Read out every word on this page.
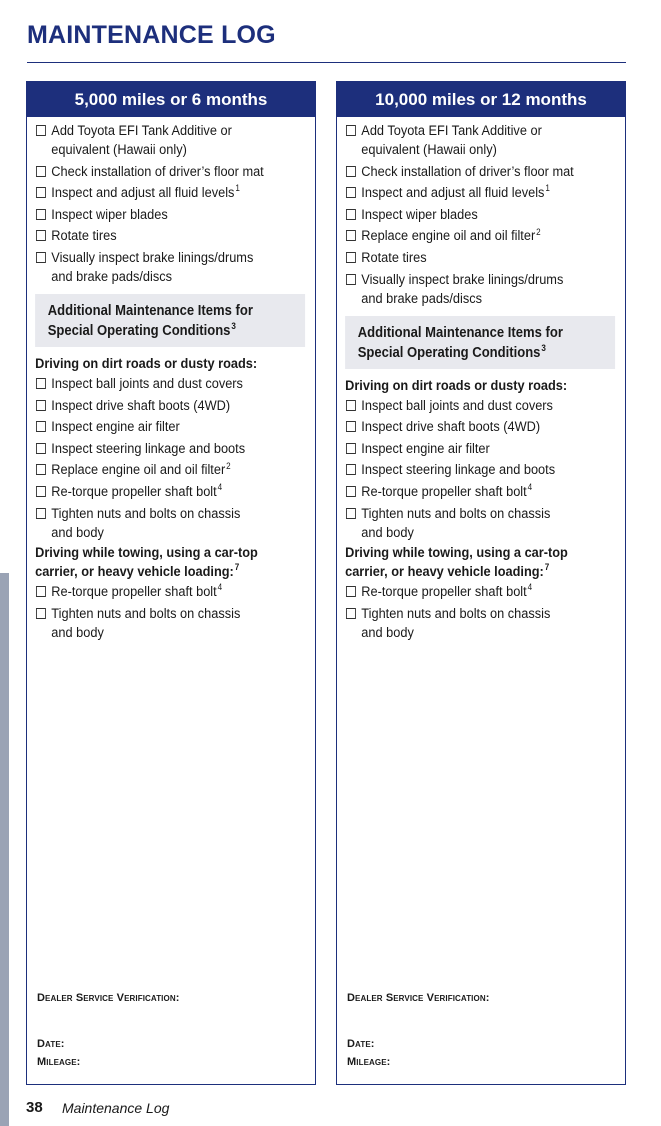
MAINTENANCE LOG
5,000 miles or 6 months
Add Toyota EFI Tank Additive or
equivalent (Hawaii only)
Check installation of driver’s floor mat
Inspect and adjust all fluid levels$^1$
Inspect wiper blades
Rotate tires
Visually inspect brake linings/drums
and brake pads/discs
Additional Maintenance Items for
Special Operating Conditions$^3$
Driving on dirt roads or dusty roads:
Inspect ball joints and dust covers
Inspect drive shaft boots (4WD)
Inspect engine air filter
Inspect steering linkage and boots
Replace engine oil and oil filter$^2$
Re-torque propeller shaft bolt$^4$
Tighten nuts and bolts on chassis
and body
Driving while towing, using a car-top
carrier, or heavy vehicle loading:$^7$
Re-torque propeller shaft bolt$^4$
Tighten nuts and bolts on chassis
and body
Dealer Service Verification:
Date:
Mileage:
10,000 miles or 12 months
Add Toyota EFI Tank Additive or
equivalent (Hawaii only)
Check installation of driver’s floor mat
Inspect and adjust all fluid levels$^1$
Inspect wiper blades
Replace engine oil and oil filter$^2$
Rotate tires
Visually inspect brake linings/drums
and brake pads/discs
Additional Maintenance Items for
Special Operating Conditions$^3$
Driving on dirt roads or dusty roads:
Inspect ball joints and dust covers
Inspect drive shaft boots (4WD)
Inspect engine air filter
Inspect steering linkage and boots
Re-torque propeller shaft bolt$^4$
Tighten nuts and bolts on chassis
and body
Driving while towing, using a car-top
carrier, or heavy vehicle loading:$^7$
Re-torque propeller shaft bolt$^4$
Tighten nuts and bolts on chassis
and body
Dealer Service Verification:
Date:
Mileage:
38 Maintenance Log
